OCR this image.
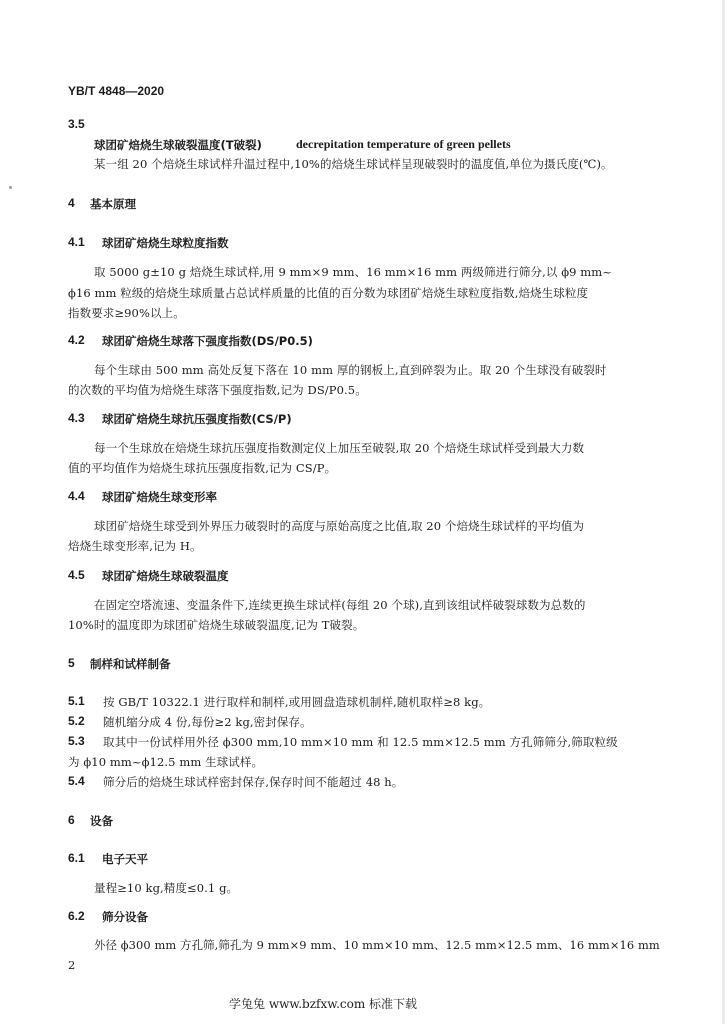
YB/T 4848—2020
3.5
球团矿焙烧生球破裂温度(T破裂)	decrepitation temperature of green pellets
某一组 20 个焙烧生球试样升温过程中,10%的焙烧生球试样呈现破裂时的温度值,单位为摄氏度(℃)。
4 基本原理
4.1 球团矿焙烧生球粒度指数
取 5000 g±10 g 焙烧生球试样,用 9 mm×9 mm、16 mm×16 mm 两级筛进行筛分,以 ϕ9 mm~
ϕ16 mm 粒级的焙烧生球质量占总试样质量的比值的百分数为球团矿焙烧生球粒度指数,焙烧生球粒度
指数要求≥90%以上。
4.2 球团矿焙烧生球落下强度指数(DS/P0.5)
每个生球由 500 mm 高处反复下落在 10 mm 厚的钢板上,直到碎裂为止。取 20 个生球没有破裂时
的次数的平均值为焙烧生球落下强度指数,记为 DS/P0.5。
4.3 球团矿焙烧生球抗压强度指数(CS/P)
每一个生球放在焙烧生球抗压强度指数测定仪上加压至破裂,取 20 个焙烧生球试样受到最大力数
值的平均值作为焙烧生球抗压强度指数,记为 CS/P。
4.4 球团矿焙烧生球变形率
球团矿焙烧生球受到外界压力破裂时的高度与原始高度之比值,取 20 个焙烧生球试样的平均值为
焙烧生球变形率,记为 H。
4.5 球团矿焙烧生球破裂温度
在固定空塔流速、变温条件下,连续更换生球试样(每组 20 个球),直到该组试样破裂球数为总数的
10%时的温度即为球团矿焙烧生球破裂温度,记为 T破裂。
5 制样和试样制备
5.1 按 GB/T 10322.1 进行取样和制样,或用圆盘造球机制样,随机取样≥8 kg。
5.2 随机缩分成 4 份,每份≥2 kg,密封保存。
5.3 取其中一份试样用外径 ϕ300 mm,10 mm×10 mm 和 12.5 mm×12.5 mm 方孔筛筛分,筛取粒级
为 ϕ10 mm~ϕ12.5 mm 生球试样。
5.4 筛分后的焙烧生球试样密封保存,保存时间不能超过 48 h。
6 设备
6.1 电子天平
量程≥10 kg,精度≤0.1 g。
6.2 筛分设备
外径 ϕ300 mm 方孔筛,筛孔为 9 mm×9 mm、10 mm×10 mm、12.5 mm×12.5 mm、16 mm×16 mm
2
学兔兔 www.bzfxw.com 标准下载
